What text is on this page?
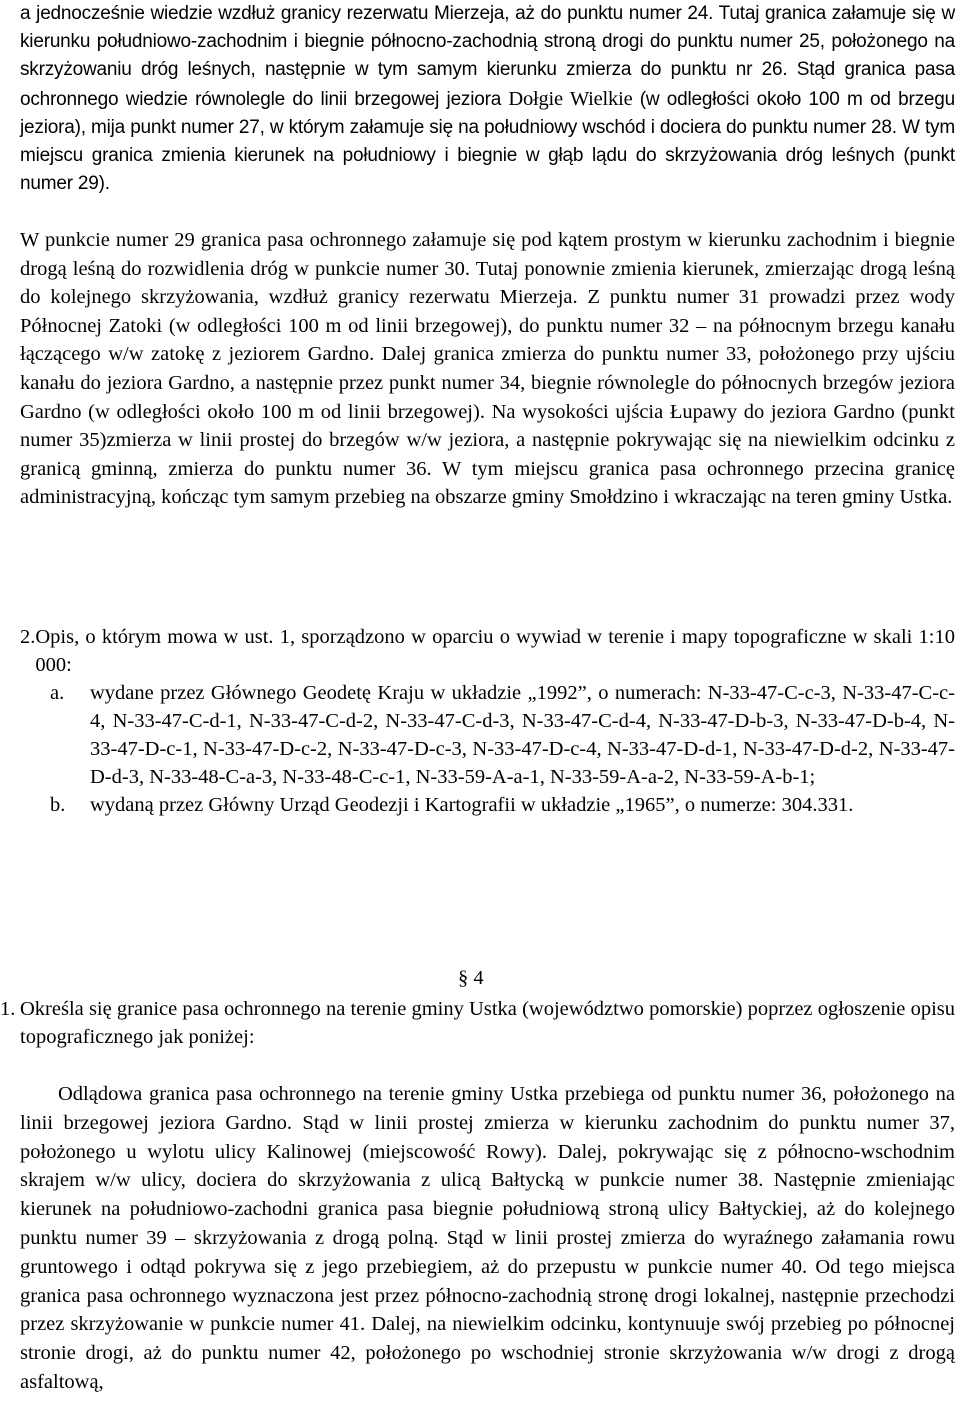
a jednocześnie wiedzie wzdłuż granicy rezerwatu Mierzeja, aż do punktu numer 24. Tutaj granica załamuje się w kierunku południowo-zachodnim i biegnie północno-zachodnią stroną drogi do punktu numer 25, położonego na skrzyżowaniu dróg leśnych, następnie w tym samym kierunku zmierza do punktu nr 26. Stąd granica pasa ochronnego wiedzie równolegle do linii brzegowej jeziora Dołgie Wielkie (w odległości około 100 m od brzegu jeziora), mija punkt numer 27, w którym załamuje się na południowy wschód i dociera do punktu numer 28. W tym miejscu granica zmienia kierunek na południowy i biegnie w głąb lądu do skrzyżowania dróg leśnych (punkt numer 29).

W punkcie numer 29 granica pasa ochronnego załamuje się pod kątem prostym w kierunku zachodnim i biegnie drogą leśną do rozwidlenia dróg w punkcie numer 30. Tutaj ponownie zmienia kierunek, zmierzając drogą leśną do kolejnego skrzyżowania, wzdłuż granicy rezerwatu Mierzeja. Z punktu numer 31 prowadzi przez wody Północnej Zatoki (w odległości 100 m od linii brzegowej), do punktu numer 32 – na północnym brzegu kanału łączącego w/w zatokę z jeziorem Gardno. Dalej granica zmierza do punktu numer 33, położonego przy ujściu kanału do jeziora Gardno, a następnie przez punkt numer 34, biegnie równolegle do północnych brzegów jeziora Gardno (w odległości około 100 m od linii brzegowej). Na wysokości ujścia Łupawy do jeziora Gardno (punkt numer 35)zmierza w linii prostej do brzegów w/w jeziora, a następnie pokrywając się na niewielkim odcinku z granicą gminną, zmierza do punktu numer 36. W tym miejscu granica pasa ochronnego przecina granicę administracyjną, kończąc tym samym przebieg na obszarze gminy Smołdzino i wkraczając na teren gminy Ustka.

2. Opis, o którym mowa w ust. 1, sporządzono w oparciu o wywiad w terenie i mapy topograficzne w skali 1:10 000:
a.	wydane przez Głównego Geodetę Kraju w układzie „1992”, o numerach: N-33-47-C-c-3, N-33-47-C-c-4, N-33-47-C-d-1, N-33-47-C-d-2, N-33-47-C-d-3, N-33-47-C-d-4, N-33-47-D-b-3, N-33-47-D-b-4, N-33-47-D-c-1, N-33-47-D-c-2, N-33-47-D-c-3, N-33-47-D-c-4, N-33-47-D-d-1, N-33-47-D-d-2, N-33-47-D-d-3, N-33-48-C-a-3, N-33-48-C-c-1, N-33-59-A-a-1, N-33-59-A-a-2, N-33-59-A-b-1;
b.	wydaną przez Główny Urząd Geodezji i Kartografii w układzie „1965”, o numerze: 304.331.
§ 4
1. Określa się granice pasa ochronnego na terenie gminy Ustka (województwo pomorskie) poprzez ogłoszenie opisu topograficznego jak poniżej:

Odlądowa granica pasa ochronnego na terenie gminy Ustka przebiega od punktu numer 36, położonego na linii brzegowej jeziora Gardno. Stąd w linii prostej zmierza w kierunku zachodnim do punktu numer 37, położonego u wylotu ulicy Kalinowej (miejscowość Rowy). Dalej, pokrywając się z północno-wschodnim skrajem w/w ulicy, dociera do skrzyżowania z ulicą Bałtycką w punkcie numer 38. Następnie zmieniając kierunek na południowo-zachodni granica pasa biegnie południową stroną ulicy Bałtyckiej, aż do kolejnego punktu numer 39 – skrzyżowania z drogą polną. Stąd w linii prostej zmierza do wyraźnego załamania rowu gruntowego i odtąd pokrywa się z jego przebiegiem, aż do przepustu w punkcie numer 40. Od tego miejsca granica pasa ochronnego wyznaczona jest przez północno-zachodnią stronę drogi lokalnej, następnie przechodzi przez skrzyżowanie w punkcie numer 41. Dalej, na niewielkim odcinku, kontynuuje swój przebieg po północnej stronie drogi, aż do punktu numer 42, położonego po wschodniej stronie skrzyżowania w/w drogi z drogą asfaltową,
